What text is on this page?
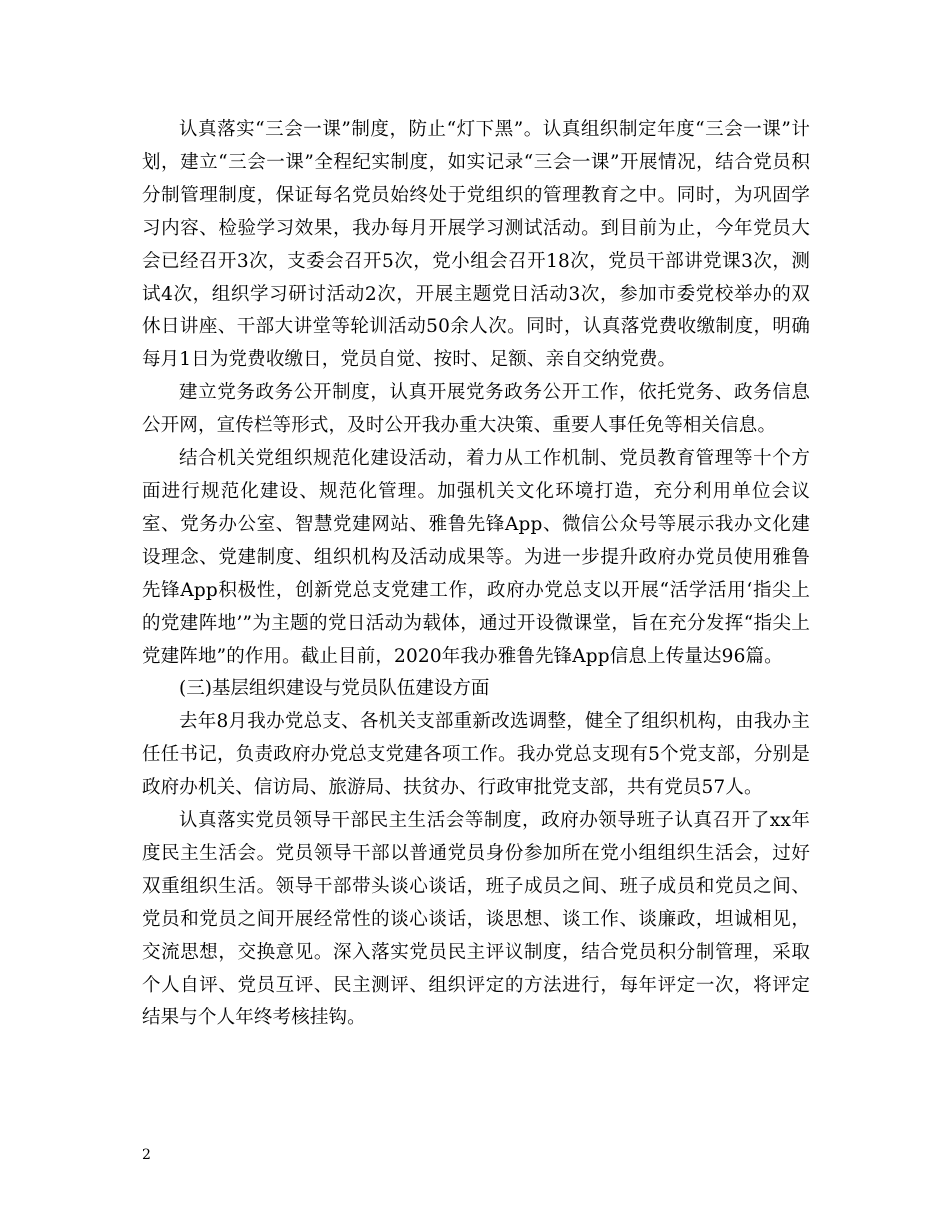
认真落实“三会一课”制度，防止“灯下黑”。认真组织制定年度“三会一课”计划，建立“三会一课”全程纪实制度，如实记录“三会一课”开展情况，结合党员积分制管理制度，保证每名党员始终处于党组织的管理教育之中。同时，为巩固学习内容、检验学习效果，我办每月开展学习测试活动。到目前为止，今年党员大会已经召开3次，支委会召开5次，党小组会召开18次，党员干部讲党课3次，测试4次，组织学习研讨活动2次，开展主题党日活动3次，参加市委党校举办的双休日讲座、干部大讲堂等轮训活动50余人次。同时，认真落党费收缴制度，明确每月1日为党费收缴日，党员自觉、按时、足额、亲自交纳党费。

建立党务政务公开制度，认真开展党务政务公开工作，依托党务、政务信息公开网，宣传栏等形式，及时公开我办重大决策、重要人事任免等相关信息。

结合机关党组织规范化建设活动，着力从工作机制、党员教育管理等十个方面进行规范化建设、规范化管理。加强机关文化环境打造，充分利用单位会议室、党务办公室、智慧党建网站、雅鲁先锋App、微信公众号等展示我办文化建设理念、党建制度、组织机构及活动成果等。为进一步提升政府办党员使用雅鲁先锋App积极性，创新党总支党建工作，政府办党总支以开展“活学活用‘指尖上的党建阵地’”为主题的党日活动为载体，通过开设微课堂，旨在充分发挥“指尖上党建阵地”的作用。截止目前，2020年我办雅鲁先锋App信息上传量达96篇。

(三)基层组织建设与党员队伍建设方面

去年8月我办党总支、各机关支部重新改选调整，健全了组织机构，由我办主任任书记，负责政府办党总支党建各项工作。我办党总支现有5个党支部，分别是政府办机关、信访局、旅游局、扶贫办、行政审批党支部，共有党员57人。

认真落实党员领导干部民主生活会等制度，政府办领导班子认真召开了xx年度民主生活会。党员领导干部以普通党员身份参加所在党小组组织生活会，过好双重组织生活。领导干部带头谈心谈话，班子成员之间、班子成员和党员之间、党员和党员之间开展经常性的谈心谈话，谈思想、谈工作、谈廉政，坦诚相见，交流思想，交换意见。深入落实党员民主评议制度，结合党员积分制管理，采取个人自评、党员互评、民主测评、组织评定的方法进行，每年评定一次，将评定结果与个人年终考核挂钩。

2
